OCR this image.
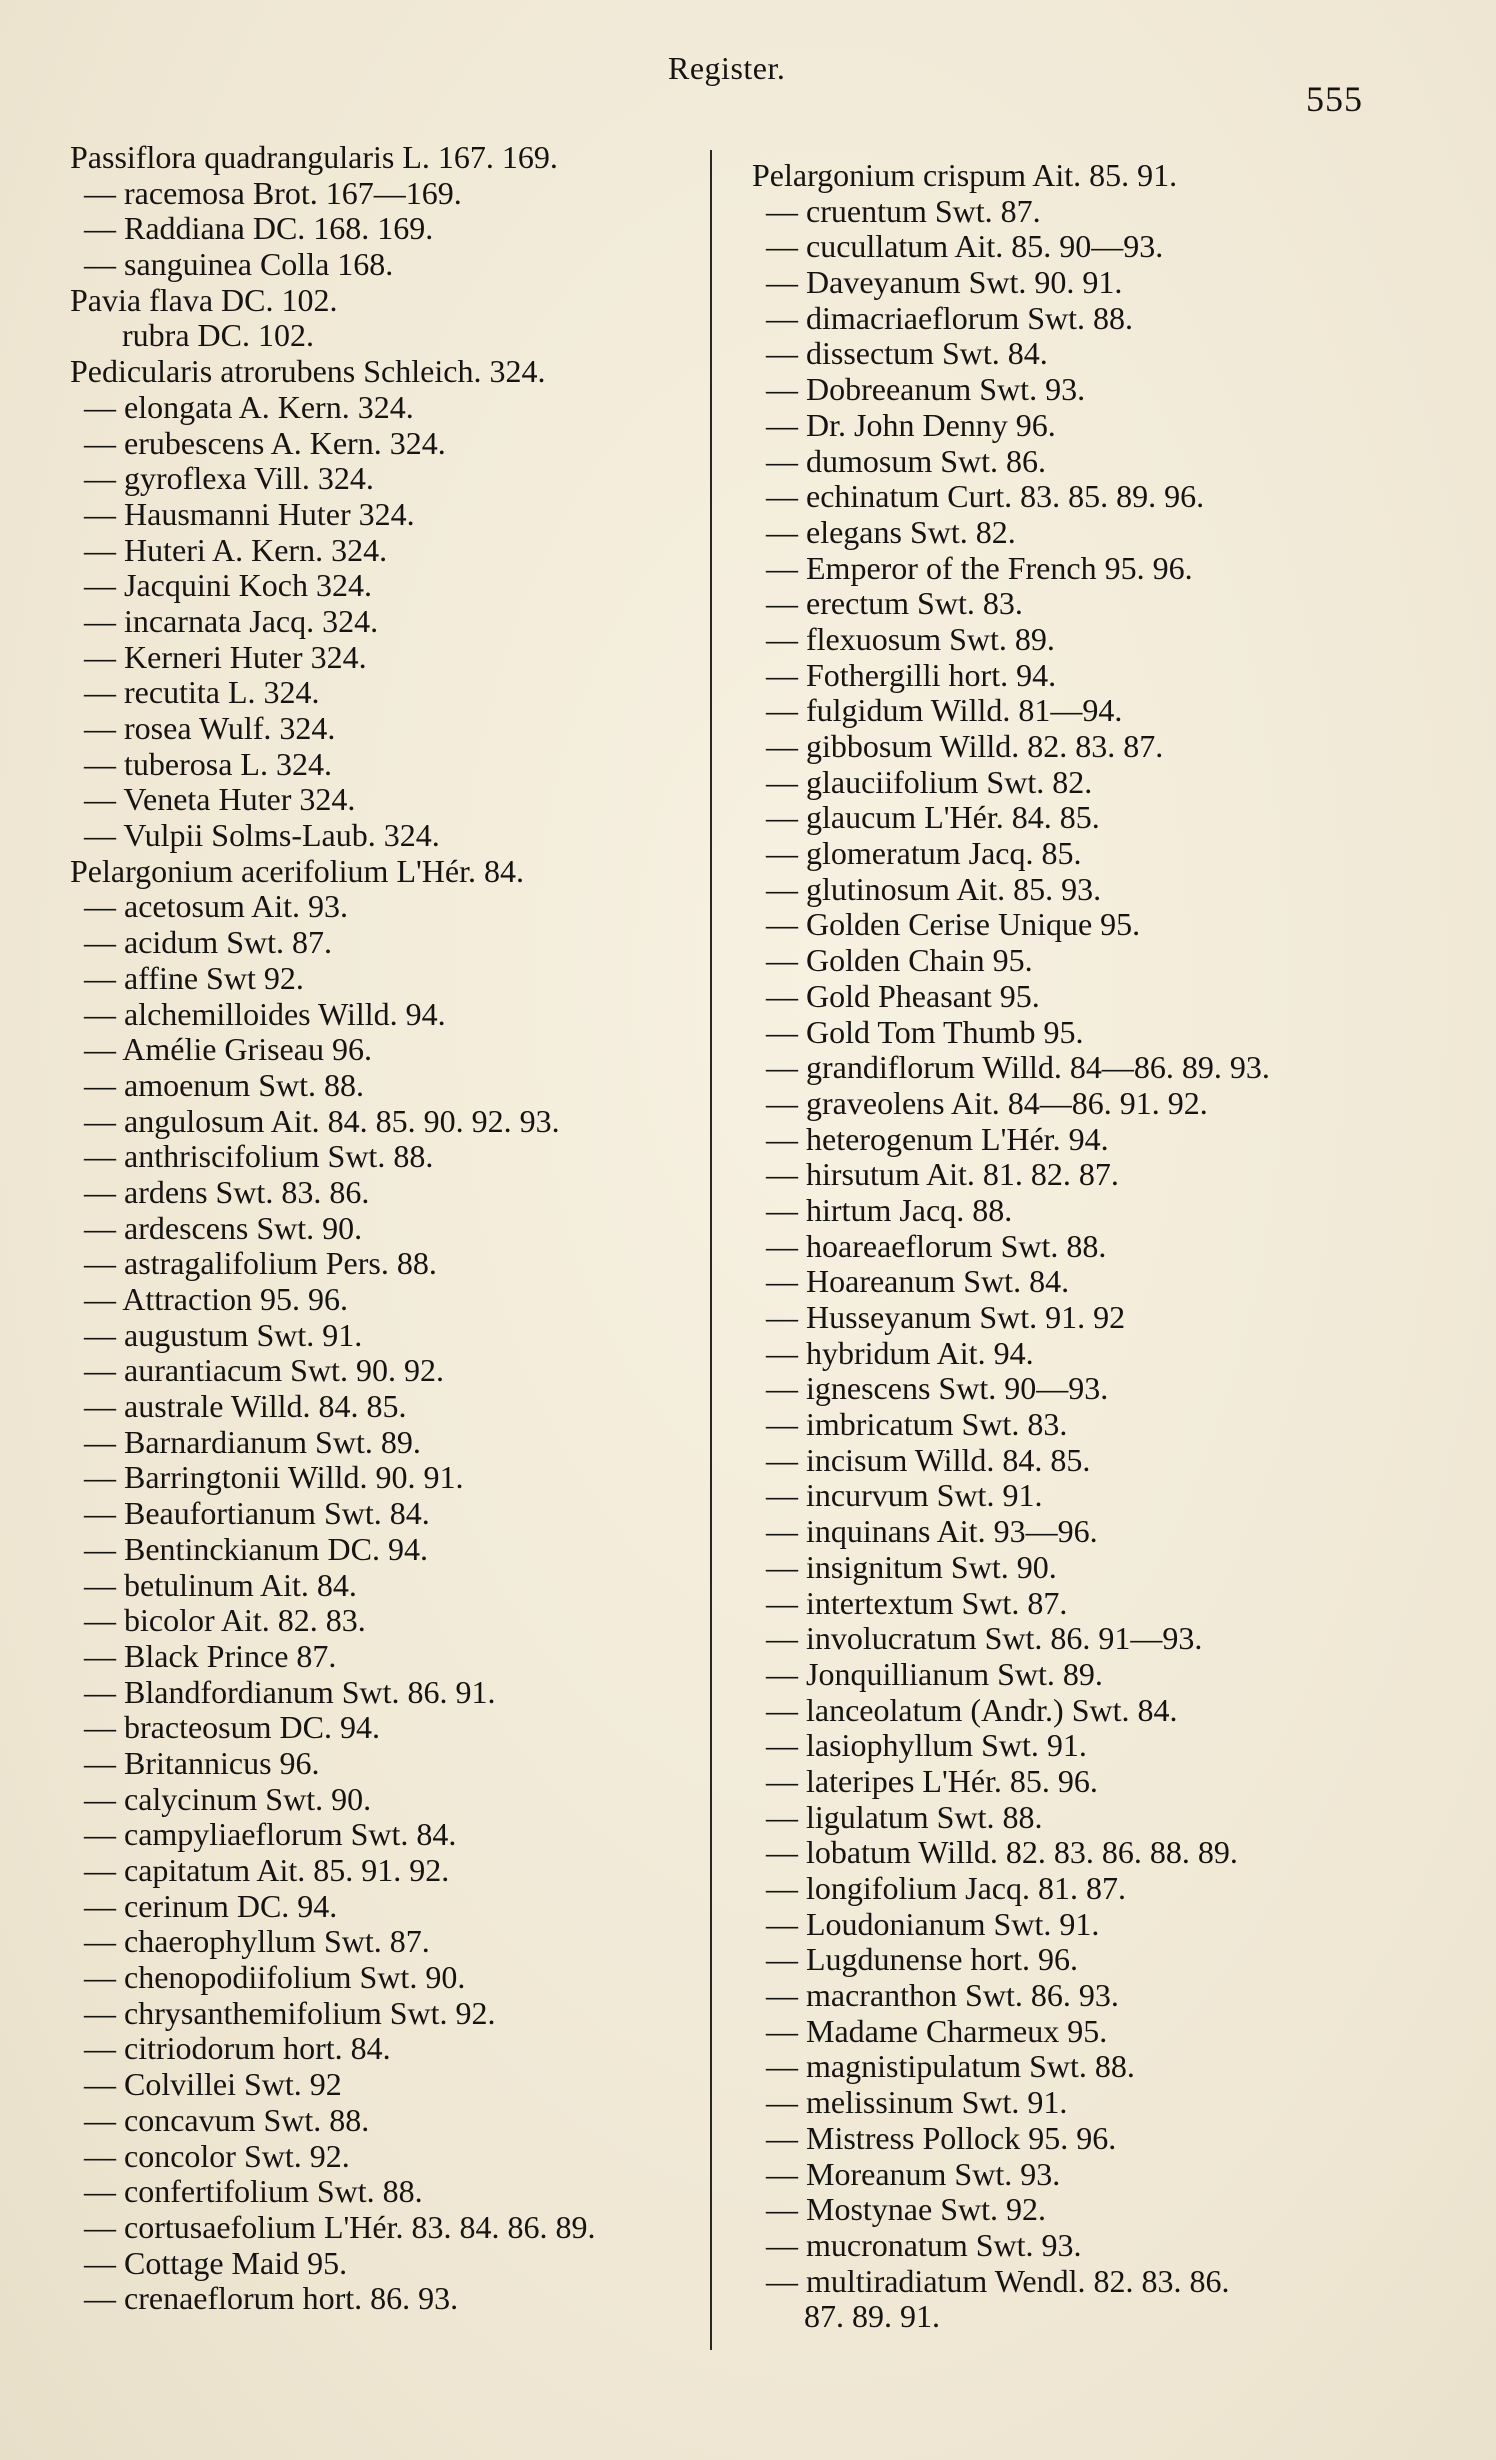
Register.
555
Passiflora quadrangularis L. 167. 169.
— racemosa Brot. 167—169.
— Raddiana DC. 168. 169.
— sanguinea Colla 168.
Pavia flava DC. 102.
rubra DC. 102.
Pedicularis atrorubens Schleich. 324.
— elongata A. Kern. 324.
— erubescens A. Kern. 324.
— gyroflexa Vill. 324.
— Hausmanni Huter 324.
— Huteri A. Kern. 324.
— Jacquini Koch 324.
— incarnata Jacq. 324.
— Kerneri Huter 324.
— recutita L. 324.
— rosea Wulf. 324.
— tuberosa L. 324.
— Veneta Huter 324.
— Vulpii Solms-Laub. 324.
Pelargonium acerifolium L'Hér. 84.
— acetosum Ait. 93.
— acidum Swt. 87.
— affine Swt 92.
— alchemilloides Willd. 94.
— Amélie Griseau 96.
— amoenum Swt. 88.
— angulosum Ait. 84. 85. 90. 92. 93.
— anthriscifolium Swt. 88.
— ardens Swt. 83. 86.
— ardescens Swt. 90.
— astragalifolium Pers. 88.
— Attraction 95. 96.
— augustum Swt. 91.
— aurantiacum Swt. 90. 92.
— australe Willd. 84. 85.
— Barnardianum Swt. 89.
— Barringtonii Willd. 90. 91.
— Beaufortianum Swt. 84.
— Bentinckianum DC. 94.
— betulinum Ait. 84.
— bicolor Ait. 82. 83.
— Black Prince 87.
— Blandfordianum Swt. 86. 91.
— bracteosum DC. 94.
— Britannicus 96.
— calycinum Swt. 90.
— campyliaeflorum Swt. 84.
— capitatum Ait. 85. 91. 92.
— cerinum DC. 94.
— chaerophyllum Swt. 87.
— chenopodiifolium Swt. 90.
— chrysanthemifolium Swt. 92.
— citriodorum hort. 84.
— Colvillei Swt. 92
— concavum Swt. 88.
— concolor Swt. 92.
— confertifolium Swt. 88.
— cortusaefolium L'Hér. 83. 84. 86. 89.
— Cottage Maid 95.
— crenaeflorum hort. 86. 93.
Pelargonium crispum Ait. 85. 91.
— cruentum Swt. 87.
— cucullatum Ait. 85. 90—93.
— Daveyanum Swt. 90. 91.
— dimacriaeflorum Swt. 88.
— dissectum Swt. 84.
— Dobreeanum Swt. 93.
— Dr. John Denny 96.
— dumosum Swt. 86.
— echinatum Curt. 83. 85. 89. 96.
— elegans Swt. 82.
— Emperor of the French 95. 96.
— erectum Swt. 83.
— flexuosum Swt. 89.
— Fothergilli hort. 94.
— fulgidum Willd. 81—94.
— gibbosum Willd. 82. 83. 87.
— glauciifolium Swt. 82.
— glaucum L'Hér. 84. 85.
— glomeratum Jacq. 85.
— glutinosum Ait. 85. 93.
— Golden Cerise Unique 95.
— Golden Chain 95.
— Gold Pheasant 95.
— Gold Tom Thumb 95.
— grandiflorum Willd. 84—86. 89. 93.
— graveolens Ait. 84—86. 91. 92.
— heterogenum L'Hér. 94.
— hirsutum Ait. 81. 82. 87.
— hirtum Jacq. 88.
— hoareaeflorum Swt. 88.
— Hoareanum Swt. 84.
— Husseyanum Swt. 91. 92
— hybridum Ait. 94.
— ignescens Swt. 90—93.
— imbricatum Swt. 83.
— incisum Willd. 84. 85.
— incurvum Swt. 91.
— inquinans Ait. 93—96.
— insignitum Swt. 90.
— intertextum Swt. 87.
— involucratum Swt. 86. 91—93.
— Jonquillianum Swt. 89.
— lanceolatum (Andr.) Swt. 84.
— lasiophyllum Swt. 91.
— lateripes L'Hér. 85. 96.
— ligulatum Swt. 88.
— lobatum Willd. 82. 83. 86. 88. 89.
— longifolium Jacq. 81. 87.
— Loudonianum Swt. 91.
— Lugdunense hort. 96.
— macranthon Swt. 86. 93.
— Madame Charmeux 95.
— magnistipulatum Swt. 88.
— melissinum Swt. 91.
— Mistress Pollock 95. 96.
— Moreanum Swt. 93.
— Mostynae Swt. 92.
— mucronatum Swt. 93.
— multiradiatum Wendl. 82. 83. 86.
87. 89. 91.
